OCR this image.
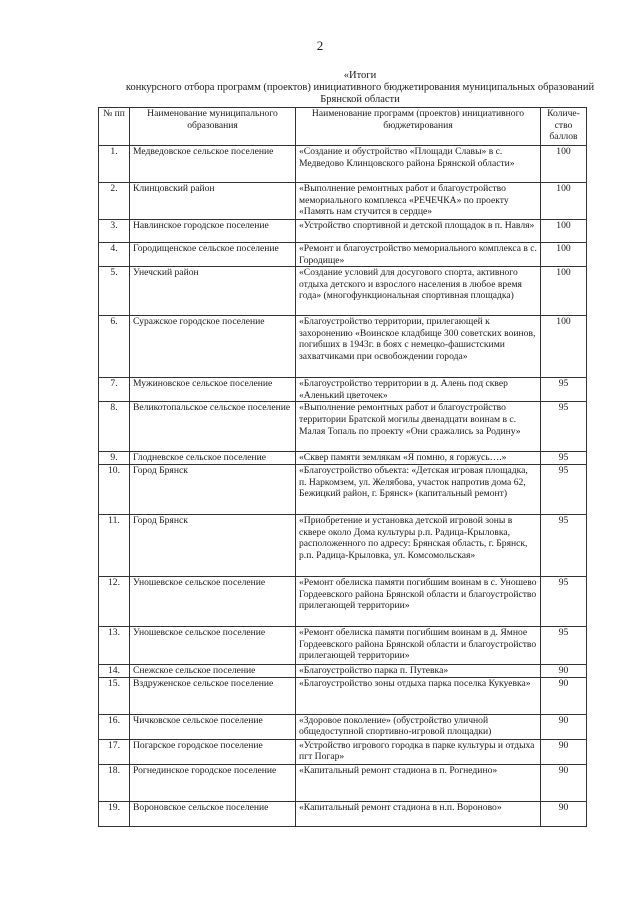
2
«Итоги
конкурсного отбора программ (проектов) инициативного бюджетирования муниципальных образований
Брянской области
№ пп	Наименование муниципального образования	Наименование программ (проектов) инициативного бюджетирования	Количе-ство баллов
1.	Медведовское сельское поселение	«Создание и обустройство «Площади Славы» в с. Медведово Клинцовского района Брянской области»	100
2.	Клинцовский район	«Выполнение ремонтных работ и благоустройство мемориального комплекса «РЕЧЕЧКА» по проекту «Память нам стучится в сердце»	100
3.	Навлинское городское поселение	«Устройство спортивной и детской площадок в п. Навля»	100
4.	Городищенское сельское поселение	«Ремонт и благоустройство мемориального комплекса в с. Городище»	100
5.	Унечский район	«Создание условий для досугового спорта, активного отдыха детского и взрослого населения в любое время года» (многофункциональная спортивная площадка)	100
6.	Суражское городское поселение	«Благоустройство территории, прилегающей к захоронению «Воинское кладбище 300 советских воинов, погибших в 1943г. в боях с немецко-фашистскими захватчиками при освобождении города»	100
7.	Мужиновское сельское поселение	«Благоустройство территории в д. Алень под сквер «Аленький цветочек»	95
8.	Великотопальское сельское поселение	«Выполнение ремонтных работ и благоустройство территории Братской могилы двенадцати воинам в с. Малая Топаль по проекту «Они сражались за Родину»	95
9.	Глодневское сельское поселение	«Сквер памяти землякам «Я помню, я горжусь….»	95
10.	Город Брянск	«Благоустройство объекта: «Детская игровая площадка, п. Наркомзем, ул. Желябова, участок напротив дома 62, Бежицкий район, г. Брянск» (капитальный ремонт)	95
11.	Город Брянск	«Приобретение и установка детской игровой зоны в сквере около Дома культуры р.п. Радица-Крыловка, расположенного по адресу: Брянская область, г. Брянск, р.п. Радица-Крыловка, ул. Комсомольская»	95
12.	Уношевское сельское поселение	«Ремонт обелиска памяти погибшим воинам в с. Уношево Гордеевского района Брянской области и благоустройство прилегающей территории»	95
13.	Уношевское сельское поселение	«Ремонт обелиска памяти погибшим воинам в д. Ямное Гордеевского района Брянской области и благоустройство прилегающей территории»	95
14.	Снежское сельское поселение	«Благоустройство парка п. Путевка»	90
15.	Вздруженское сельское поселение	«Благоустройство зоны отдыха парка поселка Кукуевка»	90
16.	Чичковское сельское поселение	«Здоровое поколение» (обустройство уличной общедоступной спортивно-игровой площадки)	90
17.	Погарское городское поселение	«Устройство игрового городка в парке культуры и отдыха пгт Погар»	90
18.	Рогнединское городское поселение	«Капитальный ремонт стадиона в п. Рогнедино»	90
19.	Вороновское сельское поселение	«Капитальный ремонт стадиона в н.п. Вороново»	90
